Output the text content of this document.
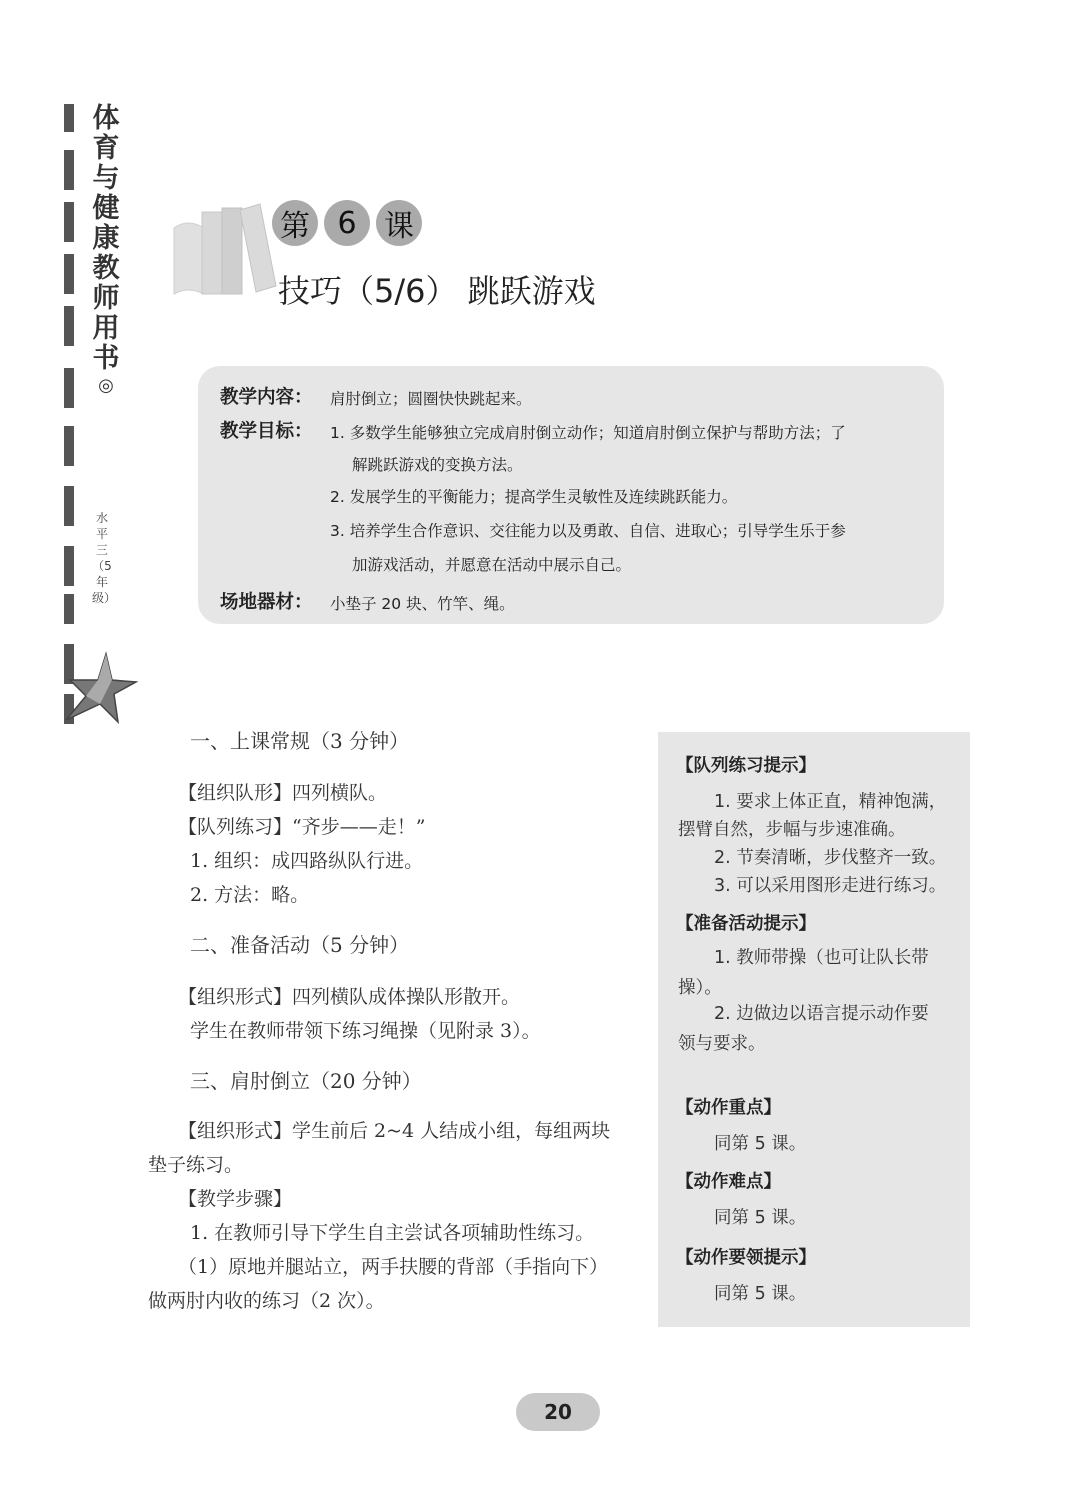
体育与健康教师用书
◎
水平三（5年级）
第 6 课
技巧（5/6） 跳跃游戏
教学内容： 肩肘倒立；圆圈快快跳起来。
教学目标： 1. 多数学生能够独立完成肩肘倒立动作；知道肩肘倒立保护与帮助方法；了
解跳跃游戏的变换方法。
2. 发展学生的平衡能力；提高学生灵敏性及连续跳跃能力。
3. 培养学生合作意识、交往能力以及勇敢、自信、进取心；引导学生乐于参
加游戏活动，并愿意在活动中展示自己。
场地器材： 小垫子 20 块、竹竿、绳。
一、上课常规（3 分钟）
【组织队形】四列横队。
【队列练习】“齐步——走！”
1. 组织：成四路纵队行进。
2. 方法：略。
二、准备活动（5 分钟）
【组织形式】四列横队成体操队形散开。
学生在教师带领下练习绳操（见附录 3）。
三、肩肘倒立（20 分钟）
【组织形式】学生前后 2~4 人结成小组，每组两块
垫子练习。
【教学步骤】
1. 在教师引导下学生自主尝试各项辅助性练习。
（1）原地并腿站立，两手扶腰的背部（手指向下）
做两肘内收的练习（2 次）。
【队列练习提示】
1. 要求上体正直，精神饱满，
摆臂自然，步幅与步速准确。
2. 节奏清晰，步伐整齐一致。
3. 可以采用图形走进行练习。
【准备活动提示】
1. 教师带操（也可让队长带
操）。
2. 边做边以语言提示动作要
领与要求。
【动作重点】
同第 5 课。
【动作难点】
同第 5 课。
【动作要领提示】
同第 5 课。
20
